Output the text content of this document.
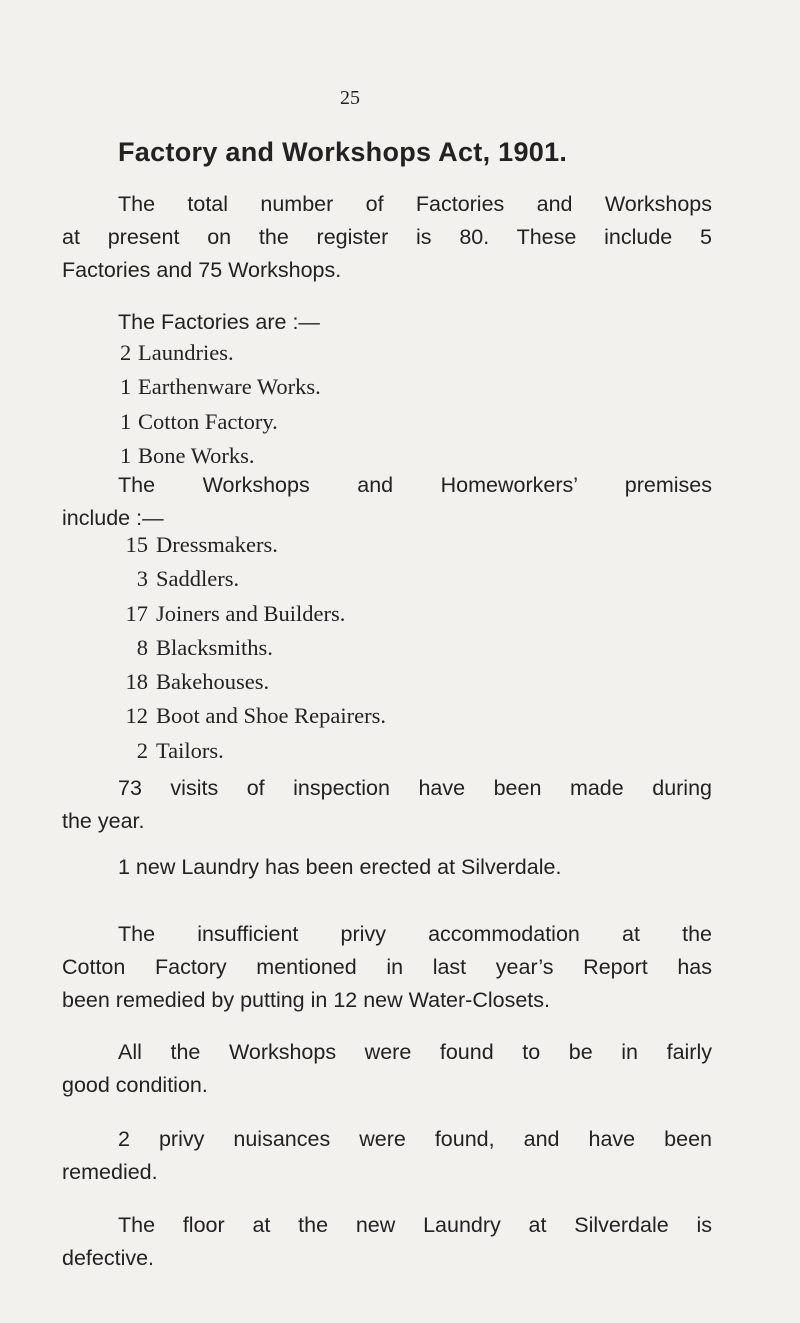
25
Factory and Workshops Act, 1901.
The total number of Factories and Workshops
at present on the register is 80. These include 5
Factories and 75 Workshops.
The Factories are :—
2 Laundries.
1 Earthenware Works.
1 Cotton Factory.
1 Bone Works.
The Workshops and Homeworkers’ premises
include :—
15 Dressmakers.
3 Saddlers.
17 Joiners and Builders.
8 Blacksmiths.
18 Bakehouses.
12 Boot and Shoe Repairers.
2 Tailors.
73 visits of inspection have been made during
the year.
1 new Laundry has been erected at Silverdale.
The insufficient privy accommodation at the
Cotton Factory mentioned in last year’s Report has
been remedied by putting in 12 new Water-Closets.
All the Workshops were found to be in fairly
good condition.
2 privy nuisances were found, and have been
remedied.
The floor at the new Laundry at Silverdale is
defective.
